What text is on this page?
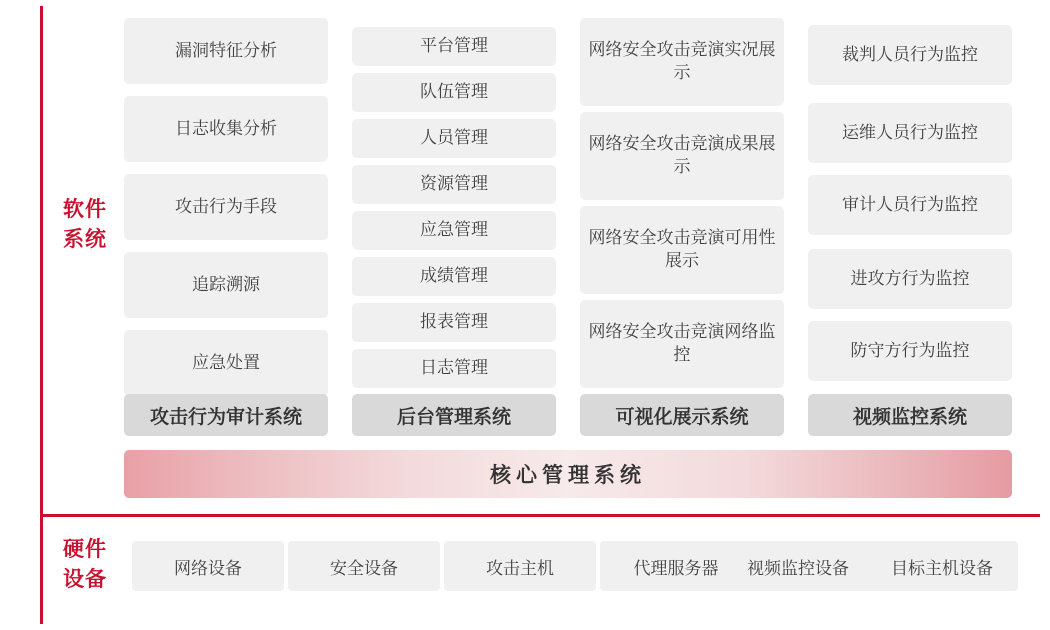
软件
系统
硬件
设备
漏洞特征分析
日志收集分析
攻击行为手段
追踪溯源
应急处置
攻击行为审计系统
平台管理
队伍管理
人员管理
资源管理
应急管理
成绩管理
报表管理
日志管理
后台管理系统
网络安全攻击竞演实况展示
网络安全攻击竞演成果展示
网络安全攻击竞演可用性展示
网络安全攻击竞演网络监控
可视化展示系统
裁判人员行为监控
运维人员行为监控
审计人员行为监控
进攻方行为监控
防守方行为监控
视频监控系统
核心管理系统
网络设备	安全设备	攻击主机	代理服务器	视频监控设备	目标主机设备
